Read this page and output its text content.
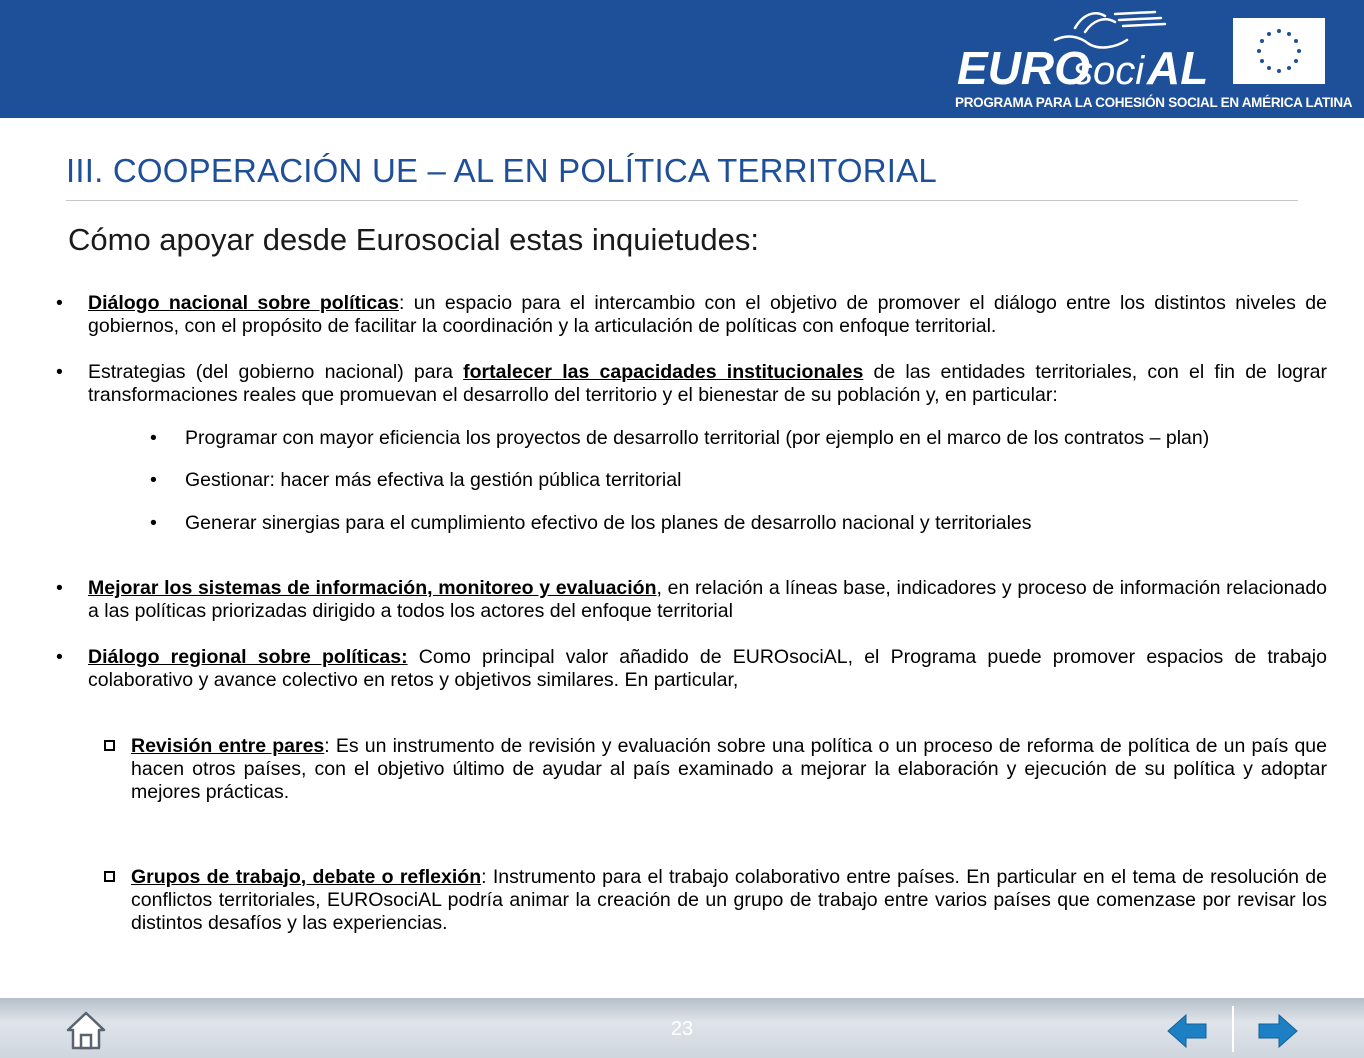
EURO
soci AL
PROGRAMA PARA LA COHESIÓN SOCIAL EN AMÉRICA LATINA
III. COOPERACIÓN UE – AL EN POLÍTICA TERRITORIAL
Cómo apoyar desde Eurosocial estas inquietudes:

• Diálogo nacional sobre políticas: un espacio para el intercambio con el objetivo de promover el diálogo entre los distintos niveles de gobiernos, con el propósito de facilitar la coordinación y la articulación de políticas con enfoque territorial.

• Estrategias (del gobierno nacional) para fortalecer las capacidades institucionales de las entidades territoriales, con el fin de lograr transformaciones reales que promuevan el desarrollo del territorio y el bienestar de su población y, en particular:

• Programar con mayor eficiencia los proyectos de desarrollo territorial (por ejemplo en el marco de los contratos – plan)

• Gestionar: hacer más efectiva la gestión pública territorial

• Generar sinergias para el cumplimiento efectivo de los planes de desarrollo nacional y territoriales

• Mejorar los sistemas de información, monitoreo y evaluación, en relación a líneas base, indicadores y proceso de información relacionado a las políticas priorizadas dirigido a todos los actores del enfoque territorial

• Diálogo regional sobre políticas: Como principal valor añadido de EUROsociAL, el Programa puede promover espacios de trabajo colaborativo y avance colectivo en retos y objetivos similares. En particular,

Revisión entre pares: Es un instrumento de revisión y evaluación sobre una política o un proceso de reforma de política de un país que hacen otros países, con el objetivo último de ayudar al país examinado a mejorar la elaboración y ejecución de su política y adoptar mejores prácticas.

Grupos de trabajo, debate o reflexión: Instrumento para el trabajo colaborativo entre países. En particular en el tema de resolución de conflictos territoriales, EUROsociAL podría animar la creación de un grupo de trabajo entre varios países que comenzase por revisar los distintos desafíos y las experiencias.

23
